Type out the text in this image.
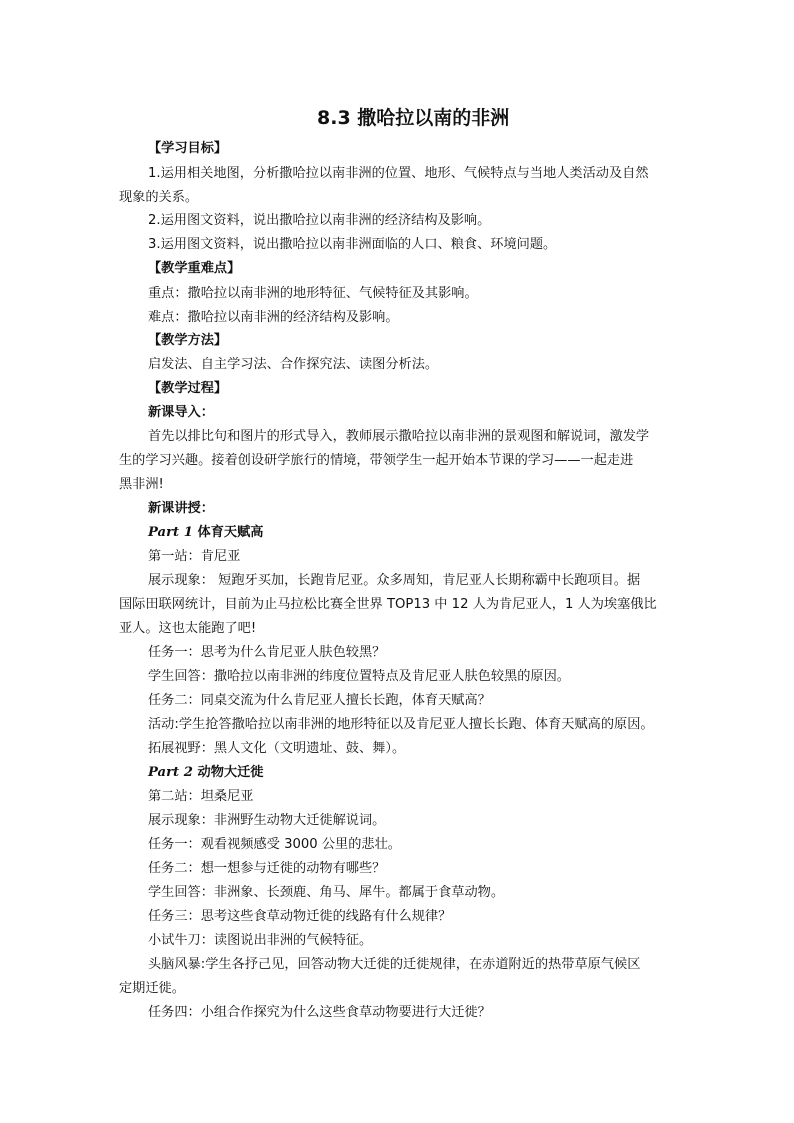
8.3 撒哈拉以南的非洲
【学习目标】
1.运用相关地图，分析撒哈拉以南非洲的位置、地形、气候特点与当地人类活动及自然
现象的关系。
2.运用图文资料，说出撒哈拉以南非洲的经济结构及影响。
3.运用图文资料，说出撒哈拉以南非洲面临的人口、粮食、环境问题。
【教学重难点】
重点：撒哈拉以南非洲的地形特征、气候特征及其影响。
难点：撒哈拉以南非洲的经济结构及影响。
【教学方法】
启发法、自主学习法、合作探究法、读图分析法。
【教学过程】
新课导入：
首先以排比句和图片的形式导入，教师展示撒哈拉以南非洲的景观图和解说词，激发学
生的学习兴趣。接着创设研学旅行的情境，带领学生一起开始本节课的学习——一起走进
黑非洲!
新课讲授：
Part 1 体育天赋高
第一站：肯尼亚
展示现象： 短跑牙买加，长跑肯尼亚。众多周知，肯尼亚人长期称霸中长跑项目。据
国际田联网统计，目前为止马拉松比赛全世界 TOP13 中 12 人为肯尼亚人，1 人为埃塞俄比
亚人。这也太能跑了吧!
任务一：思考为什么肯尼亚人肤色较黑？
学生回答：撒哈拉以南非洲的纬度位置特点及肯尼亚人肤色较黑的原因。
任务二：同桌交流为什么肯尼亚人擅长长跑，体育天赋高？
活动:学生抢答撒哈拉以南非洲的地形特征以及肯尼亚人擅长长跑、体育天赋高的原因。
拓展视野：黑人文化（文明遗址、鼓、舞）。
Part 2 动物大迁徙
第二站：坦桑尼亚
展示现象：非洲野生动物大迁徙解说词。
任务一：观看视频感受 3000 公里的悲壮。
任务二：想一想参与迁徙的动物有哪些？
学生回答：非洲象、长颈鹿、角马、犀牛。都属于食草动物。
任务三：思考这些食草动物迁徙的线路有什么规律？
小试牛刀：读图说出非洲的气候特征。
头脑风暴:学生各抒己见，回答动物大迁徙的迁徙规律，在赤道附近的热带草原气候区
定期迁徙。
任务四：小组合作探究为什么这些食草动物要进行大迁徙？
